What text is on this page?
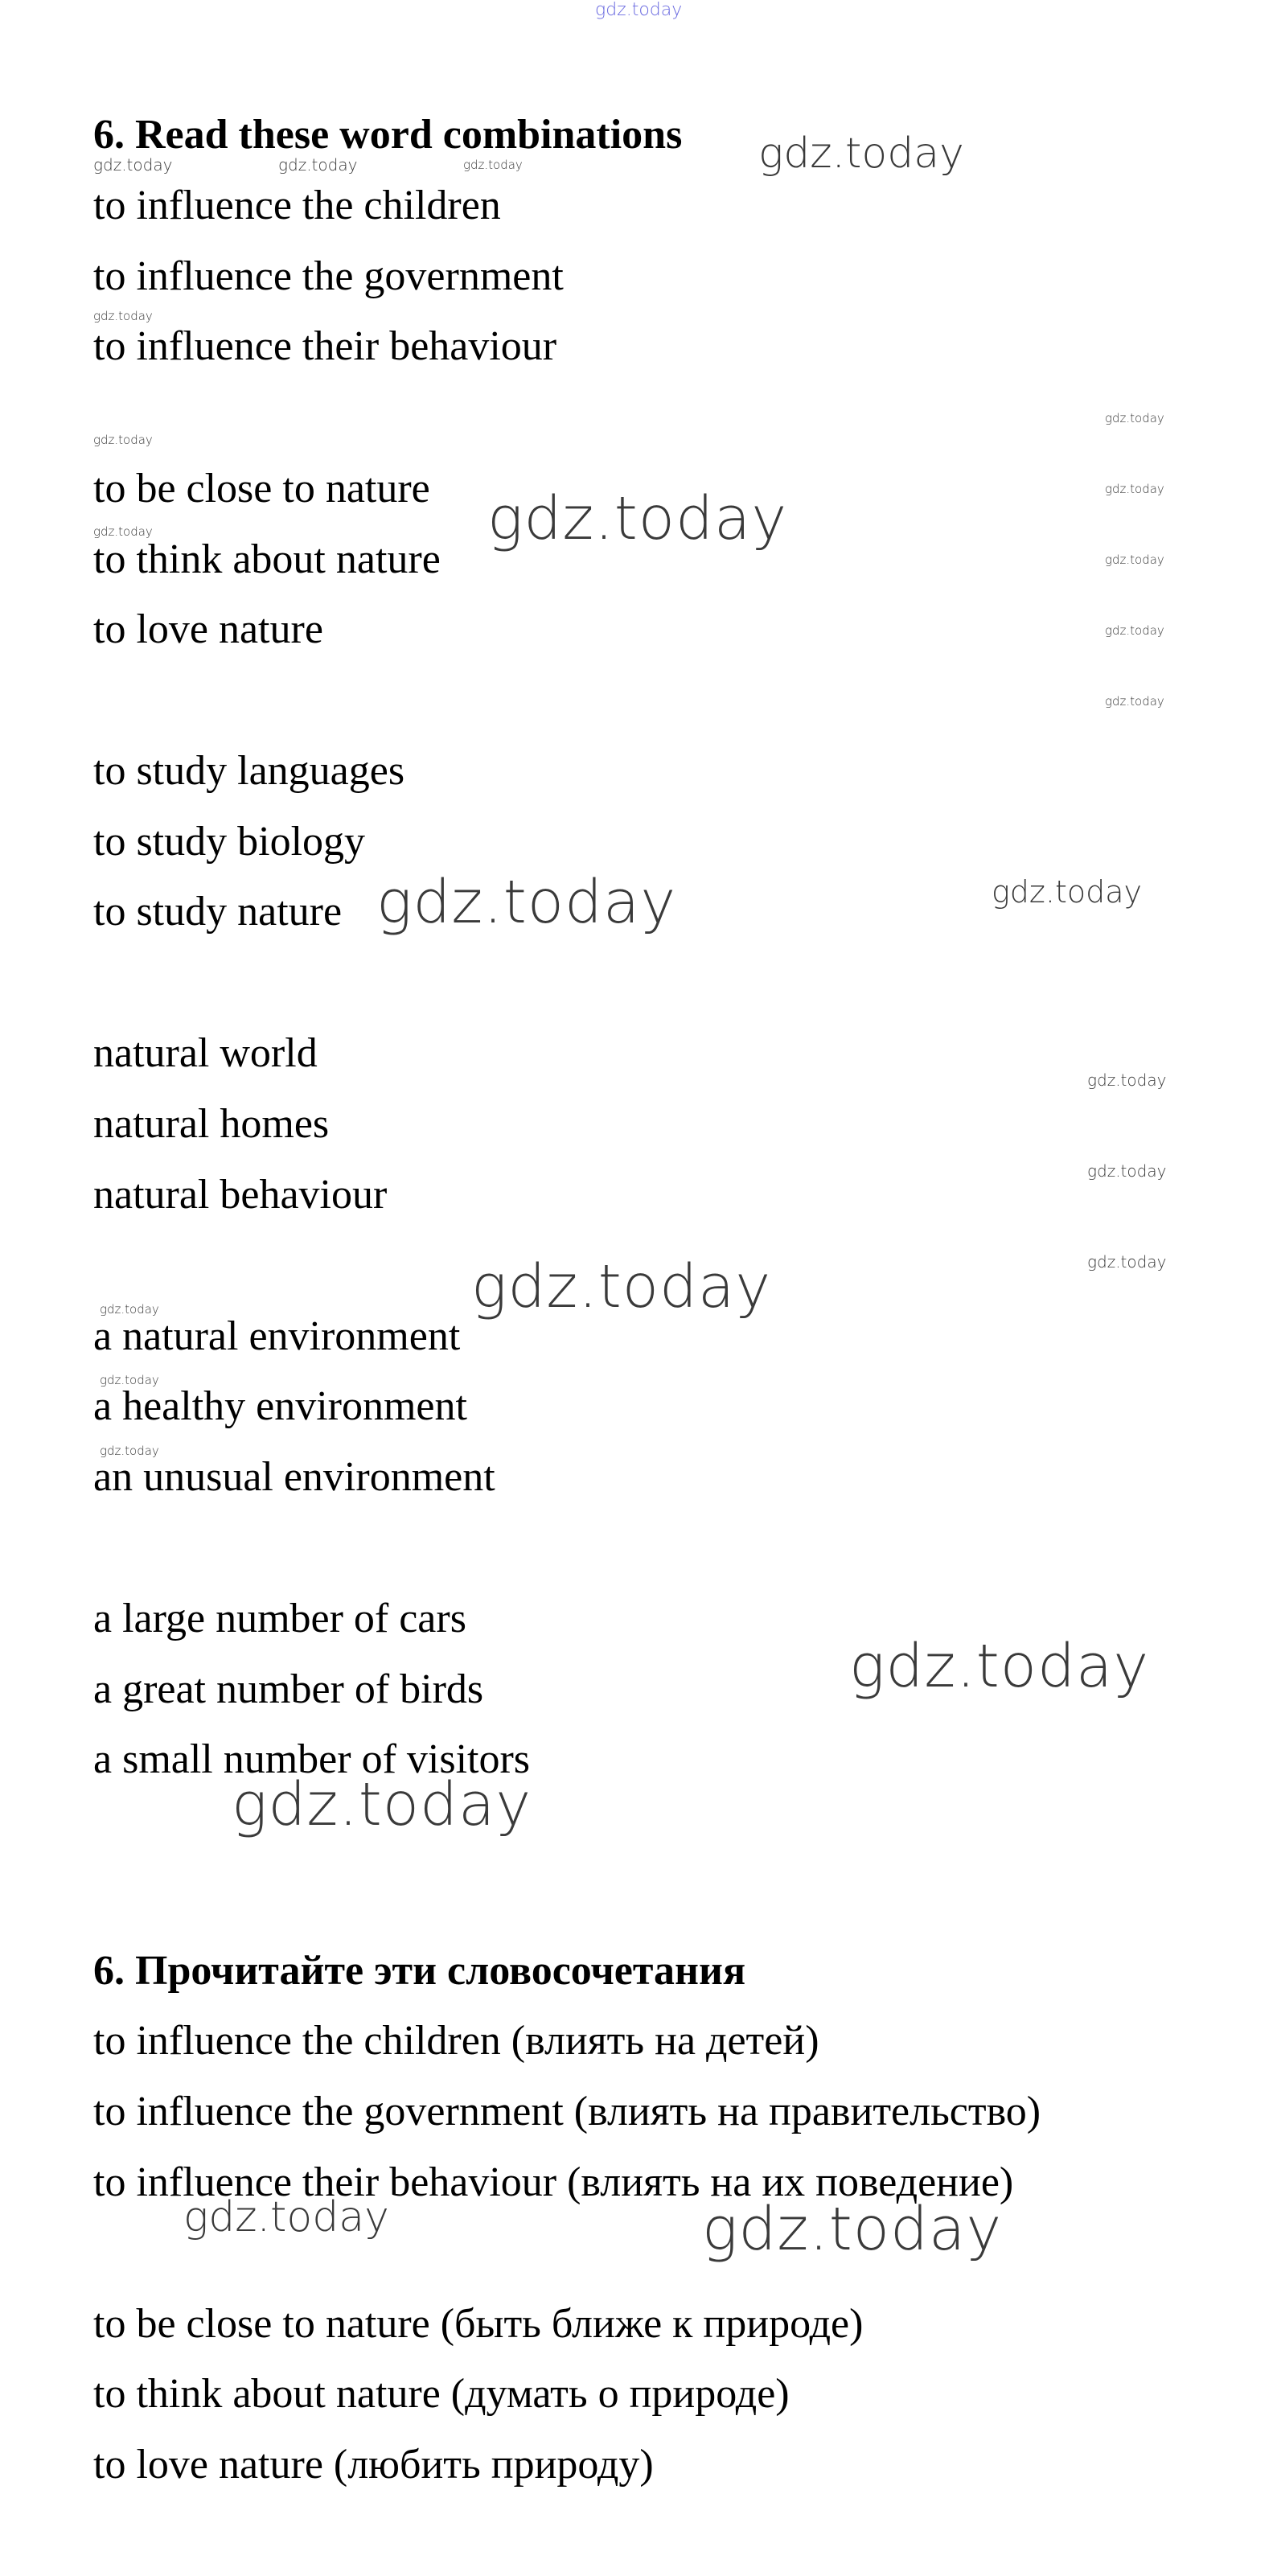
gdz.today
6. Read these word combinations
to influence the children
to influence the government
to influence their behaviour
to be close to nature
to think about nature
to love nature
to study languages
to study biology
to study nature
natural world
natural homes
natural behaviour
a natural environment
a healthy environment
an unusual environment
a large number of cars
a great number of birds
a small number of visitors
6. Прочитайте эти словосочетания
to influence the children (влиять на детей)
to influence the government (влиять на правительство)
to influence their behaviour (влиять на их поведение)
to be close to nature (быть ближе к природе)
to think about nature (думать о природе)
to love nature (любить природу)
gdz.today
gdz.today	gdz.today	gdz.today
gdz.today
gdz.today
gdz.today	gdz.today
gdz.today
gdz.today
gdz.today
gdz.today
gdz.today
gdz.today	gdz.today
gdz.today
gdz.today
gdz.today
gdz.today
gdz.today
gdz.today
gdz.today
gdz.today
gdz.today
gdz.today	gdz.today
